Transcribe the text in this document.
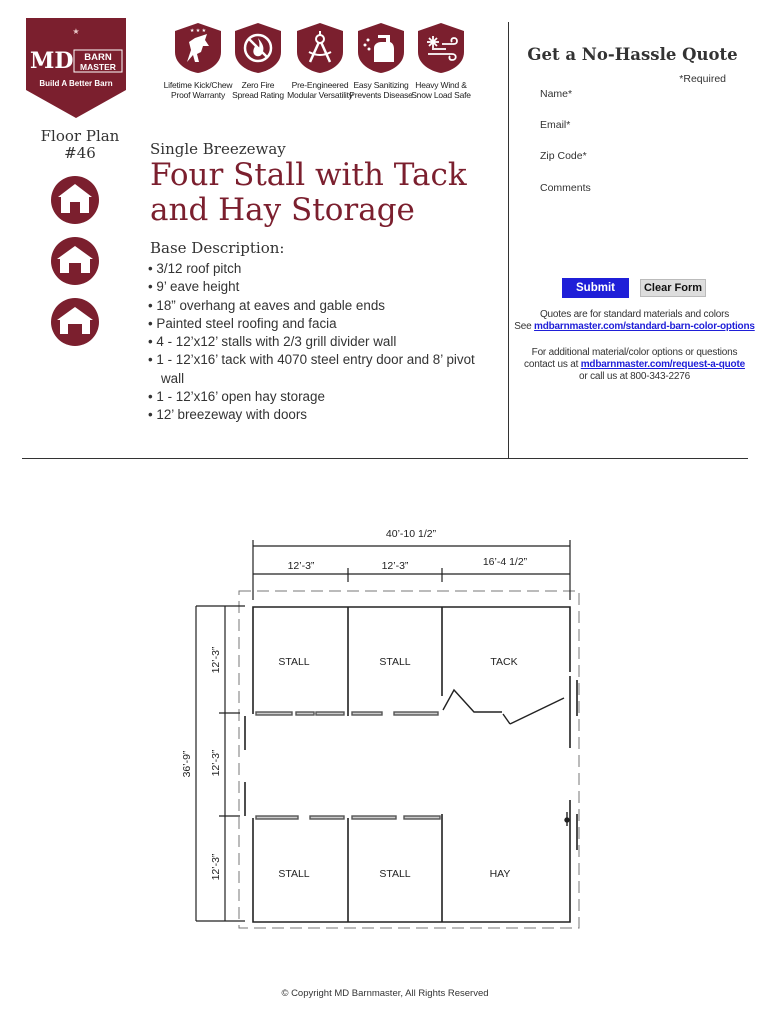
★
MD BARN
MASTER
Build A Better Barn
★ ★ ★
Lifetime Kick/Chew
Proof Warranty
Zero Fire
Spread Rating
Pre-Engineered
Modular Versatility
Easy Sanitizing
Prevents Disease
Heavy Wind &
Snow Load Safe
Floor Plan
#46	Single Breezeway
Four Stall with Tack and Hay Storage
Base Description:
• 3/12 roof pitch
• 9’ eave height
• 18” overhang at eaves and gable ends
• Painted steel roofing and facia
• 4 - 12’x12’ stalls with 2/3 grill divider wall
• 1 - 12’x16’ tack with 4070 steel entry door and 8’ pivot wall
• 1 - 12’x16’ open hay storage
• 12’ breezeway with doors
Get a No-Hassle Quote
*Required
Name*
Email*
Zip Code*
Comments
Submit	Clear Form
Quotes are for standard materials and colors
See mdbarnmaster.com/standard-barn-color-options
For additional material/color options or questions
contact us at mdbarnmaster.com/request-a-quote
or call us at 800-343-2276
40’-10 1/2”
12’-3”	12’-3”	16’-4 1/2”
36’-9”
12’-3”
12’-3”
12’-3”
STALL	STALL	TACK
STALL	STALL	HAY
© Copyright MD Barnmaster, All Rights Reserved
